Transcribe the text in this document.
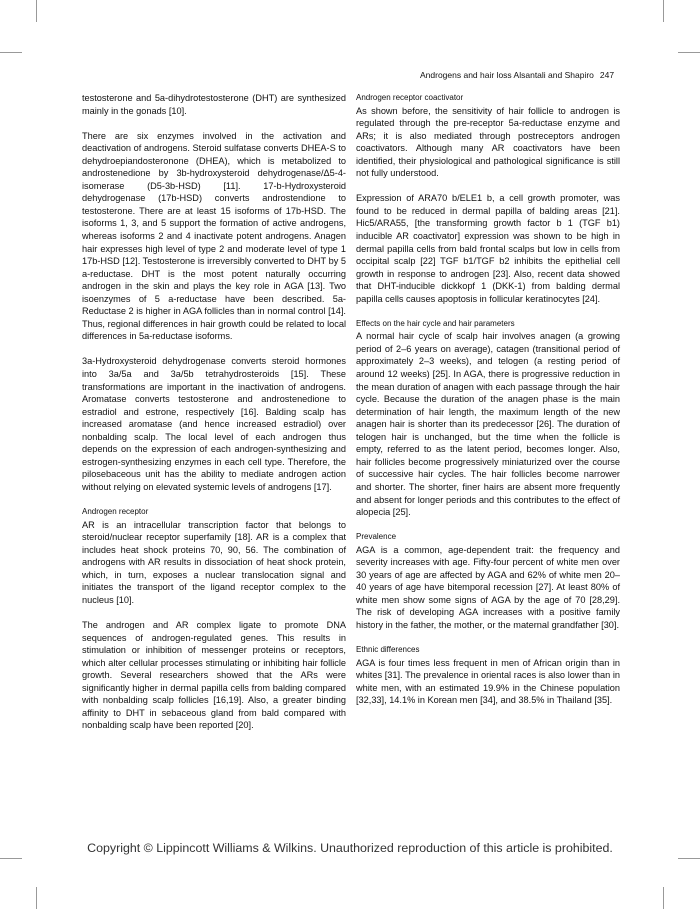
Androgens and hair loss Alsantali and Shapiro 247

testosterone and 5a-dihydrotestosterone (DHT) are synthesized mainly in the gonads [10].

There are six enzymes involved in the activation and deactivation of androgens. Steroid sulfatase converts DHEA-S to dehydroepiandosteronone (DHEA), which is metabolized to androstenedione by 3b-hydroxysteroid dehydrogenase/Δ5-4-isomerase (D5-3b-HSD) [11]. 17-b-Hydroxysteroid dehydrogenase (17b-HSD) converts androstendione to testosterone. There are at least 15 isoforms of 17b-HSD. The isoforms 1, 3, and 5 support the formation of active androgens, whereas isoforms 2 and 4 inactivate potent androgens. Anagen hair expresses high level of type 2 and moderate level of type 1 17b-HSD [12]. Testosterone is irreversibly converted to DHT by 5 a-reductase. DHT is the most potent naturally occurring androgen in the skin and plays the key role in AGA [13]. Two isoenzymes of 5 a-reductase have been described. 5a-Reductase 2 is higher in AGA follicles than in normal control [14]. Thus, regional differences in hair growth could be related to local differences in 5a-reductase isoforms.

3a-Hydroxysteroid dehydrogenase converts steroid hormones into 3a/5a and 3a/5b tetrahydrosteroids [15]. These transformations are important in the inactivation of androgens. Aromatase converts testosterone and androstenedione to estradiol and estrone, respectively [16]. Balding scalp has increased aromatase (and hence increased estradiol) over nonbalding scalp. The local level of each androgen thus depends on the expression of each androgen-synthesizing and estrogen-synthesizing enzymes in each cell type. Therefore, the pilosebaceous unit has the ability to mediate androgen action without relying on elevated systemic levels of androgens [17].

Androgen receptor

AR is an intracellular transcription factor that belongs to steroid/nuclear receptor superfamily [18]. AR is a complex that includes heat shock proteins 70, 90, 56. The combination of androgens with AR results in dissociation of heat shock protein, which, in turn, exposes a nuclear translocation signal and initiates the transport of the ligand receptor complex to the nucleus [10].

The androgen and AR complex ligate to promote DNA sequences of androgen-regulated genes. This results in stimulation or inhibition of messenger proteins or receptors, which alter cellular processes stimulating or inhibiting hair follicle growth. Several researchers showed that the ARs were significantly higher in dermal papilla cells from balding compared with nonbalding scalp follicles [16,19]. Also, a greater binding affinity to DHT in sebaceous gland from bald compared with nonbalding scalp have been reported [20].

Androgen receptor coactivator

As shown before, the sensitivity of hair follicle to androgen is regulated through the pre-receptor 5a-reductase enzyme and ARs; it is also mediated through postreceptors androgen coactivators. Although many AR coactivators have been identified, their physiological and pathological significance is still not fully understood.

Expression of ARA70 b/ELE1 b, a cell growth promoter, was found to be reduced in dermal papilla of balding areas [21]. Hic5/ARA55, [the transforming growth factor b 1 (TGF b1) inducible AR coactivator] expression was shown to be high in dermal papilla cells from bald frontal scalps but low in cells from occipital scalp [22] TGF b1/TGF b2 inhibits the epithelial cell growth in response to androgen [23]. Also, recent data showed that DHT-inducible dickkopf 1 (DKK-1) from balding dermal papilla cells causes apoptosis in follicular keratinocytes [24].

Effects on the hair cycle and hair parameters

A normal hair cycle of scalp hair involves anagen (a growing period of 2–6 years on average), catagen (transitional period of approximately 2–3 weeks), and telogen (a resting period of around 12 weeks) [25]. In AGA, there is progressive reduction in the mean duration of anagen with each passage through the hair cycle. Because the duration of the anagen phase is the main determination of hair length, the maximum length of the new anagen hair is shorter than its predecessor [26]. The duration of telogen hair is unchanged, but the time when the follicle is empty, referred to as the latent period, becomes longer. Also, hair follicles become progressively miniaturized over the course of successive hair cycles. The hair follicles become narrower and shorter. The shorter, finer hairs are absent more frequently and absent for longer periods and this contributes to the effect of alopecia [25].

Prevalence

AGA is a common, age-dependent trait: the frequency and severity increases with age. Fifty-four percent of white men over 30 years of age are affected by AGA and 62% of white men 20–40 years of age have bitemporal recession [27]. At least 80% of white men show some signs of AGA by the age of 70 [28,29]. The risk of developing AGA increases with a positive family history in the father, the mother, or the maternal grandfather [30].

Ethnic differences

AGA is four times less frequent in men of African origin than in whites [31]. The prevalence in oriental races is also lower than in white men, with an estimated 19.9% in the Chinese population [32,33], 14.1% in Korean men [34], and 38.5% in Thailand [35].

Copyright © Lippincott Williams & Wilkins. Unauthorized reproduction of this article is prohibited.
